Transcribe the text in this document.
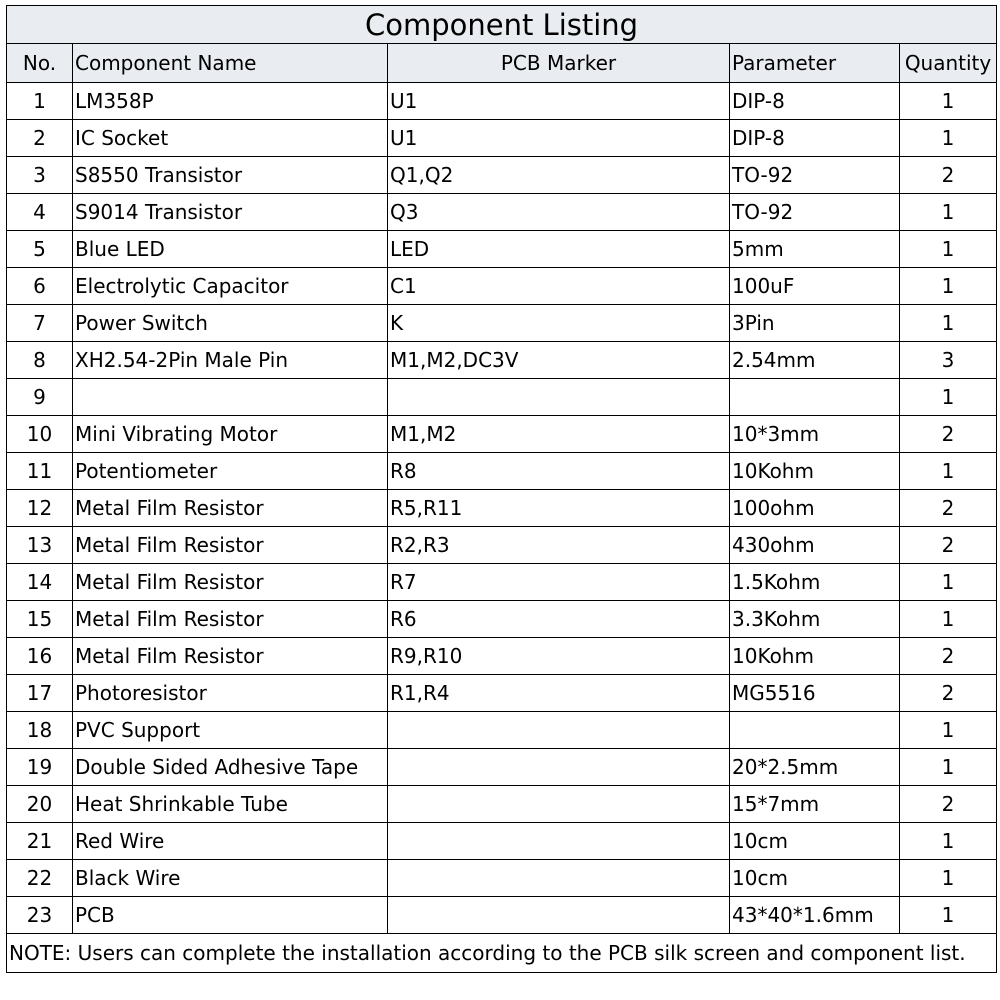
Component Listing				
No.	Component Name	PCB Marker	Parameter	Quantity
1	LM358P	U1	DIP-8	1
2	IC Socket	U1	DIP-8	1
3	S8550 Transistor	Q1,Q2	TO-92	2
4	S9014 Transistor	Q3	TO-92	1
5	Blue LED	LED	5mm	1
6	Electrolytic Capacitor	C1	100uF	1
7	Power Switch	K	3Pin	1
8	XH2.54-2Pin Male Pin	M1,M2,DC3V	2.54mm	3
9				1
10	Mini Vibrating Motor	M1,M2	10*3mm	2
11	Potentiometer	R8	10Kohm	1
12	Metal Film Resistor	R5,R11	100ohm	2
13	Metal Film Resistor	R2,R3	430ohm	2
14	Metal Film Resistor	R7	1.5Kohm	1
15	Metal Film Resistor	R6	3.3Kohm	1
16	Metal Film Resistor	R9,R10	10Kohm	2
17	Photoresistor	R1,R4	MG5516	2
18	PVC Support			1
19	Double Sided Adhesive Tape		20*2.5mm	1
20	Heat Shrinkable Tube		15*7mm	2
21	Red Wire		10cm	1
22	Black Wire		10cm	1
23	PCB		43*40*1.6mm	1
NOTE: Users can complete the installation according to the PCB silk screen and component list.				
